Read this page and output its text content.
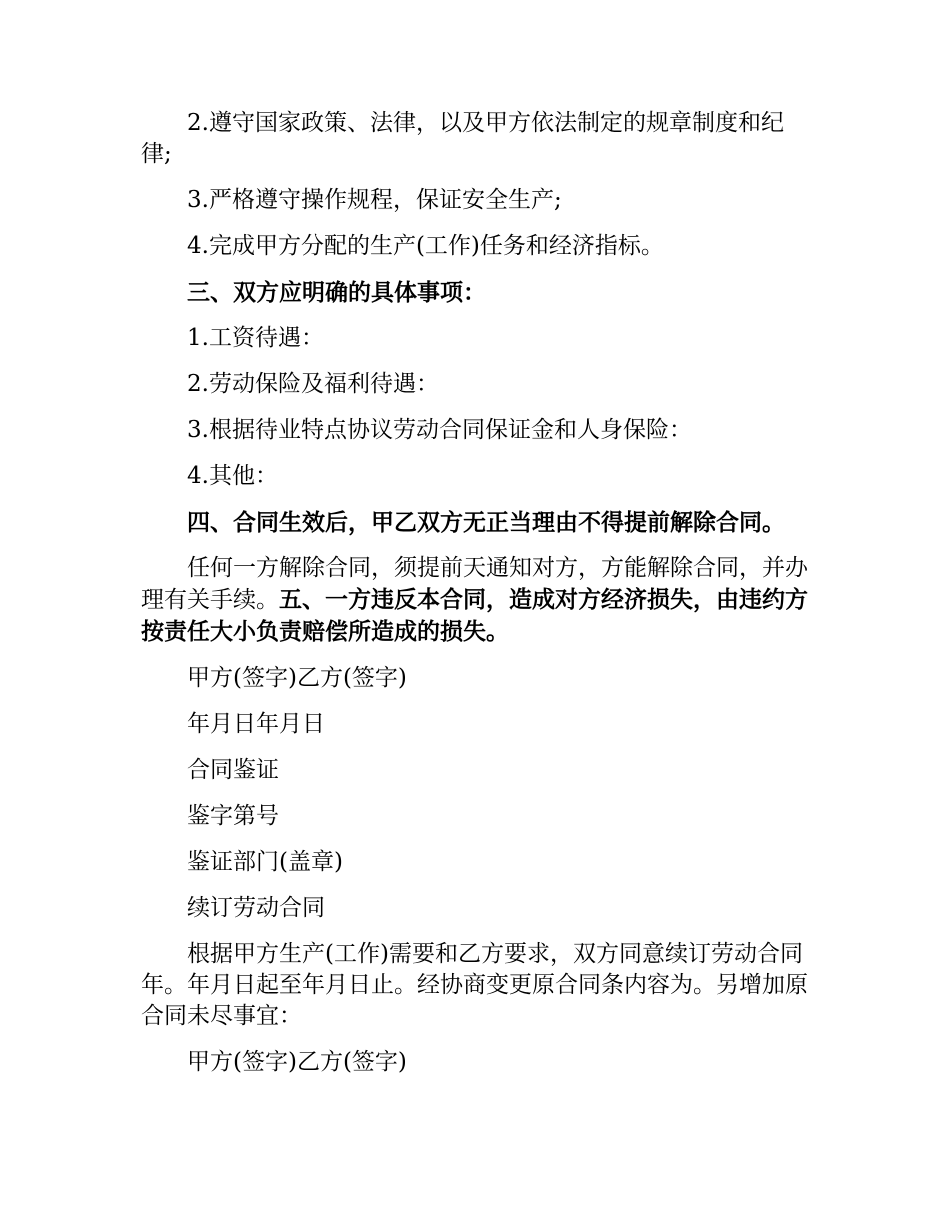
2.遵守国家政策、法律，以及甲方依法制定的规章制度和纪律;

3.严格遵守操作规程，保证安全生产;

4.完成甲方分配的生产(工作)任务和经济指标。

三、双方应明确的具体事项：

1.工资待遇：

2.劳动保险及福利待遇：

3.根据待业特点协议劳动合同保证金和人身保险：

4.其他：

四、合同生效后，甲乙双方无正当理由不得提前解除合同。

任何一方解除合同，须提前天通知对方，方能解除合同，并办理有关手续。五、一方违反本合同，造成对方经济损失，由违约方按责任大小负责赔偿所造成的损失。

甲方(签字)乙方(签字)

年月日年月日

合同鉴证

鉴字第号

鉴证部门(盖章)

续订劳动合同

根据甲方生产(工作)需要和乙方要求，双方同意续订劳动合同年。年月日起至年月日止。经协商变更原合同条内容为。另增加原合同未尽事宜：

甲方(签字)乙方(签字)
